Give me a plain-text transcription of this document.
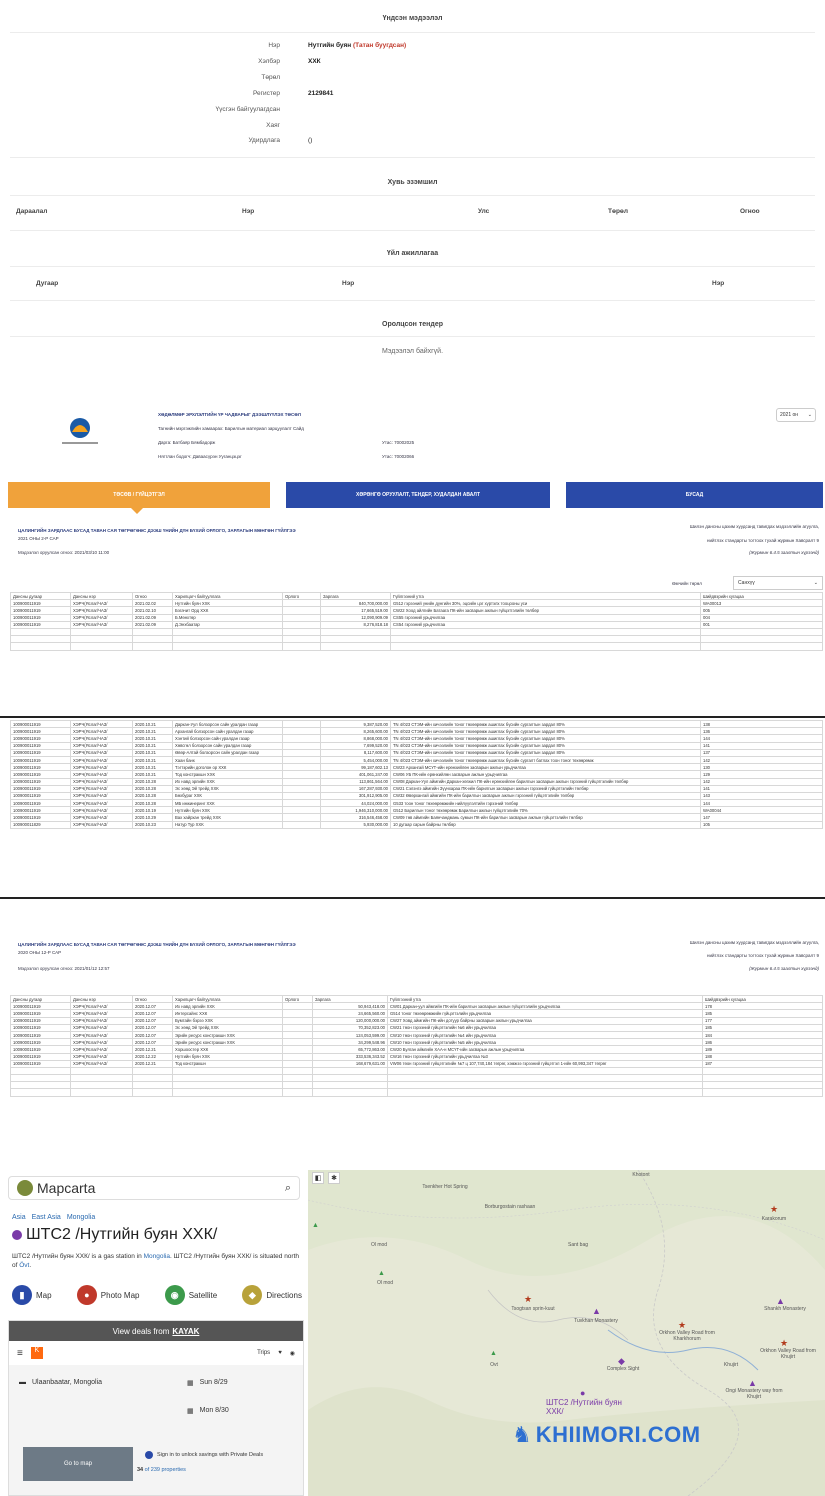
Үндсэн мэдээлэл
Нэр	Нутгийн буян (Татан буугдсан)
Хэлбэр	ХХК
Төрөл
Регистер	2129841
Үүсгэн байгуулагдсан
Хаяг
Удирдлага	()
Хувь эзэмшил
Дараалал	Нэр	Улс	Төрөл	Огноо
Үйл ажиллагаа
Дугаар	Нэр	Нэр
Оролцсон тендер
Мэдээлэл байхгүй.
ХӨДӨЛМӨР ЭРХЛЭЛТИЙН ҮР ЧАДВАРЫГ ДЭЭШЛҮҮЛЭХ ТӨСӨЛ
Тагнийн мэргэжлийн хамаарах: Барилгын материал зарцуулалт Сайд
Дарга: Батбаяр Бямбадорж
Нягтлан бодогч: Даваасүрэн Ууганцэцэг
Утас: 70002025
Утас: 70002066
2021 он ⌄
ТӨСӨВ / ГҮЙЦЭТГЭЛ	ХӨРӨНГӨ ОРУУЛАЛТ, ТЕНДЕР, ХУДАЛДАН АВАЛТ	БУСАД
ЦАЛИНГИЙН ЗАРДЛААС БУСАД ТАВАН САЯ ТӨГРӨГӨӨС ДЭЭШ ҮНИЙН ДҮН БҮХИЙ ОРЛОГО, ЗАРЛАГЫН МӨНГӨН ГҮЙЛГЭЭ
2021 ОНЫ 2-Р САР
Мэдээлэл оруулсан огноо: 2021/03/10 11:00
Шилэн дансны цахим хуудсанд тавигдах мэдээллийн агуулга,
нийтлэх стандарты тогтоох тухай журмын Хавсралт 9
(Журмын 6.4.5 заалтын хүрээнд)
Өмчийн төрөл	Санхүү	⌄
Дансны дугаар	Дансны нэр	Огноо	Харилцагч байгууллага	Орлого	Зарлага	Гүйлгээний утга	Шийдвэрийн хугацаа
100900011919	ХЭРЧ(Яслаг/ЧАЗ/	2021.02.02	Нутгийн буян ХХК		840,700,000.00	G512 гэрээний үнийн дүнгийн 30%, эцсийн цэг хүртэлх тооцооны уси	WA00013
100900011919	ХЭРЧ(Яслаг/ЧАЗ/	2021.02.10	Бэгачит Орд ХХК		17,665,519.00	CW22 Хоод айлгийн Батаага ПК-ийн засварын ажлын гүйцэтгэлийн төлбөр	005
100900011919	ХЭРЧ(Яслаг/ЧАЗ/	2021.02.09	Б.Мөнхтөр		12,090,909.09	CS55 гэрээний урьдчилгаа	004
100900011919	ХЭРЧ(Яслаг/ЧАЗ/	2021.02.09	Д.Энхбаатар		8,276,818.18	CS54 гэрээний урьдчилгаа	001

100900011919	ХЭРЧ(Яслаг/ЧАЗ/	2020.10.21	Даркан-Уул болзорсон сайн уралдан газар		9,387,520.00	TN 4/023 СТЭМ-ийн хичээлийн тоног төхөөрөмж ашиглах бүсийн сургалтын зардал 80%	138
100900011919	ХЭРЧ(Яслаг/ЧАЗ/	2020.10.21	Архангай болзорсон сайн уралдан газар		8,265,600.00	TN 4/023 СТЭМ-ийн хичээлийн тоног төхөөрөмж ашиглах бүсийн сургалтын зардал 80%	136
100900011919	ХЭРЧ(Яслаг/ЧАЗ/	2020.10.21	Хэнтий болзорсон сайн уралдан газар		8,868,000.00	TN 4/023 СТЭМ-ийн хичээлийн тоног төхөөрөмж ашиглах бүсийн сургалтын зардал 80%	144
100900011919	ХЭРЧ(Яслаг/ЧАЗ/	2020.10.21	Хөвсгөл болзорсон сайн уралдан газар		7,699,520.00	TN 4/023 СТЭМ-ийн хичээлийн тоног төхөөрөмж ашиглах бүсийн сургалтын зардал 80%	141
100900011919	ХЭРЧ(Яслаг/ЧАЗ/	2020.10.21	Өвөр-Алтай болзорсон сайн уралдан газар		8,117,600.00	TN 4/023 СТЭМ-ийн хичээлийн тоног төхөөрөмж ашиглах бүсийн сургалтын зардал 80%	137
100900011919	ХЭРЧ(Яслаг/ЧАЗ/	2020.10.21	Хаан банк		5,454,000.00	TN 4/023 СТЭМ-ийн хичээлийн тоног төхөөрөмж ашиглах бүсийн сургалт батлах тоон тоног төхөөрөмж	142
100900011919	ХЭРЧ(Яслаг/ЧАЗ/	2020.10.21	Тэгтэрийн доголон ор ХХК		99,187,602.13	CW23 Архангай МСҮТ-ийн ерөнхийлөн засварын ажлын урьдчилгаа	130
100900011919	ХЭРЧ(Яслаг/ЧАЗ/	2020.10.21	Тод констракшн ХХК		401,061,247.00	CW06 УБ ПК-ийн ерөнхийлөн засварын ажлын урьдчилгаа	129
100900011919	ХЭРЧ(Яслаг/ЧАЗ/	2020.10.28	Их навд эрлийн ХХК		113,861,564.00	CW08 Даркан-Уул аймгийн Даркан-хөгжил ПК-ийн ерөнхийлөн барилгын засварын ажлын гэрээний гүйцэтгэлийн төлбөр	142
100900011919	ХЭРЧ(Яслаг/ЧАЗ/	2020.10.28	Эс хөөд Эй трейд ХХК		167,287,930.00	CW21 Сэлэнгэ аймгийн Зүүнхараа ПК-ийн барилгын засварын ажлын гэрээний гүйцэтгэлийн төлбөр	141
100900011919	ХЭРЧ(Яслаг/ЧАЗ/	2020.10.28	Бөхбураг ХХК		301,912,905.00	CW32 Өвөрхангай аймгийн ПК-ийн барилгын засварын ажлын гэрээний гүйцэтгэлийн төлбөр	143
100900011919	ХЭРЧ(Яслаг/ЧАЗ/	2020.10.28	МБ инжинеринг ХХК		44,024,000.00	G533 тоон тоног төхөөрөмжийн нийлүүлэлтийн гэрээний төлбөр	144
100900011919	ХЭРЧ(Яслаг/ЧАЗ/	2020.10.19	Нутгийн буян ХХК		1,946,310,000.00	G512 Барилгын тоног төхөөрөмж Барилгын ажлын гүйцэтгэлийн 70%	WA00044
100900011919	ХЭРЧ(Яслаг/ЧАЗ/	2020.10.29	Вах хайрхан трейд ХХК		316,546,458.00	CW09 төв аймгийн Баянчандмань сумын ПК-ийн барилгын засварын ажлын гүйцэтгэлийн төлбөр	147
100900011829	ХЭРЧ(Яслаг/ЧАЗ/	2020.10.23	Натур Тур ХХК		5,930,000.00	10 дугаар сарын байрны төлбөр	105
ЦАЛИНГИЙН ЗАРДЛААС БУСАД ТАВАН САЯ ТӨГРӨГӨӨС ДЭЭШ ҮНИЙН ДҮН БҮХИЙ ОРЛОГО, ЗАРЛАГЫН МӨНГӨН ГҮЙЛГЭЭ
2020 ОНЫ 12-Р САР
Мэдээлэл оруулсан огноо: 2021/01/12 12:57
Шилэн дансны цахим хуудсанд тавигдах мэдээллийн агуулга,
нийтлэх стандарты тогтоох тухай журмын Хавсралт 9
(Журмын 6.4.5 заалтын хүрээнд)
Дансны дугаар	Дансны нэр	Огноо	Харилцагч байгууллага	Орлого	Зарлага	Гүйлгээний утга	Шийдвэрийн хугацаа
100900011919	ХЭРЧ(Яслаг/ЧАЗ/	2020.12.07	Их навд эрлийн ХХК		50,943,418.00	CW01 Даркан-уул аймгийн ПК-ийн барилгын засварын ажлын гүйцэтгэлийн урьдчилгаа	178
100900011919	ХЭРЧ(Яслаг/ЧАЗ/	2020.12.07	Интерсайнс ХХК		24,665,560.00	G514 тоног төхөөрөмжийн гүйцэтгэлийн урьдчилгаа	185
100900011919	ХЭРЧ(Яслаг/ЧАЗ/	2020.12.07	Бумтайн бэрээ ХХК		120,000,000.00	CW27 Ховд аймгийн ПК-ийн дотуур байрны засварын ажлын урьдчилгаа	177
100900011919	ХЭРЧ(Яслаг/ЧАЗ/	2020.12.07	Эс хөөд Эй трейд ХХК		70,352,823.00	CW21 төон гэрээний гүйцэтгэлийн №6 ийн урьдчилгаа	185
100900011919	ХЭРЧ(Яслаг/ЧАЗ/	2020.12.07	Эрийн ресурс констракшн ХХК		124,053,599.00	CW10 төон гэрээний гүйцэтгэлийн №4 ийн урьдчилгаа	184
100900011919	ХЭРЧ(Яслаг/ЧАЗ/	2020.12.07	Эрийн ресурс констракшн ХХК		34,299,548.96	CW10 төон гэрээний гүйцэтгэлийн №5 ийн урьдчилгаа	186
100900011919	ХЭРЧ(Яслаг/ЧАЗ/	2020.12.21	Хоршоостер ХХК		65,772,863.00	CW20 Булган аймгийн ХАА-н МСҮТ-ийн засварын ажлын урьдчилгаа	189
100900011919	ХЭРЧ(Яслаг/ЧАЗ/	2020.12.22	Нутгийн буян ХХК		333,536,343.52	CW16 төон гэрээний гүйцэтгэлийн урьдчилгаа №3	188
100900011919	ХЭРЧ(Яслаг/ЧАЗ/	2020.12.21	Тод констракшн		168,679,631.00	VW06 төон гэрээний гүйцэтгэлийн №7 ц 107,740,184 төгрөг, хэмжээ гэрээний гүйцэтгэл 1-ийн 60,993,347 төгрөг	187

Mapcarta	⌕
Asia East Asia Mongolia
ШТС2 /Нутгийн буян ХХК/
ШТС2 /Нутгийн буян ХХК/ is a gas station in Mongolia. ШТС2 /Нутгийн буян ХХК/ is situated north of Övt.
▮	Map	●	Photo Map	◉	Satellite	◆	Directions
View deals from KAYAK
≡	K	Trips ♥ ◉
▬ Ulaanbaatar, Mongolia	▦ Sun 8/29
▦ Mon 8/30
Go to map
Sign in to unlock savings with Private Deals
34 of 239 properties
◧	✱
Tsenkher Hot Spring
Borburgostain rashaan
Sant bag
★
Karakorum
★
Tsogtsan sprin-kuut	▲
Tuvkhan Monastery
▲
Shankh Monastery
★
Orkhon Valley Road from Khujirt
★
Orkhon Valley Road from Kharkhorum
Khujirt
▲
Ongi Monastery way from Khujirt
◆
Complex Sight
▲
Ol mod
▲
Ol mod
▲
Ovt
●
ШТС2 /Нутгийн буян ХХК/
Khotont
♞ KHIIMORI.COM
